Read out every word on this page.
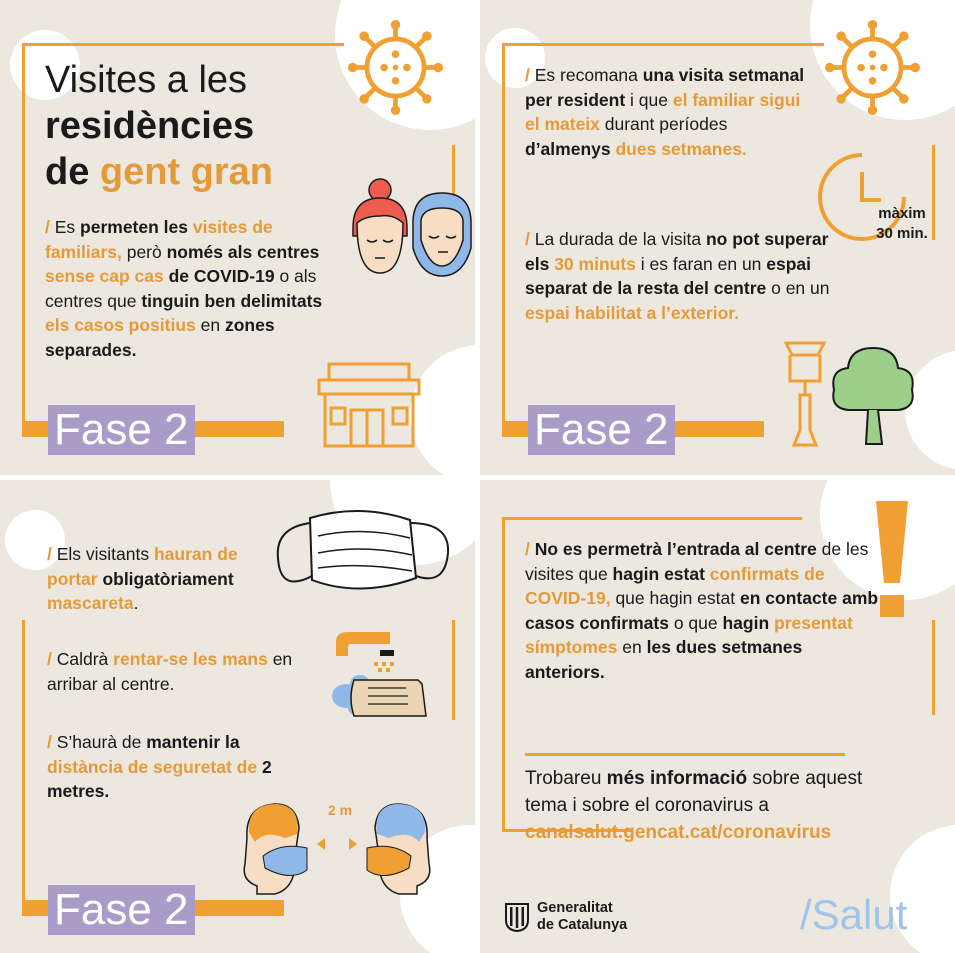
Visites a les
residències
de gent gran
/ Es permeten les visites de familiars, però només als centres sense cap cas de COVID-19 o als centres que tinguin ben delimitats els casos positius en zones separades.
Fase 2
/ Es recomana una visita setmanal per resident i que el familiar sigui el mateix durant períodes d’almenys dues setmanes.
/ La durada de la visita no pot superar els 30 minuts i es faran en un espai separat de la resta del centre o en un espai habilitat a l’exterior.
Fase 2
màxim
30 min.
/ Els visitants hauran de portar obligatòriament mascareta.
/ Caldrà rentar-se les mans en arribar al centre.
/ S’haurà de mantenir la distància de seguretat de 2 metres.
Fase 2
2 m
/ No es permetrà l’entrada al centre de les visites que hagin estat confirmats de COVID-19, que hagin estat en contacte amb casos confirmats o que hagin presentat símptomes en les dues setmanes anteriors.
Trobareu més informació sobre aquest tema i sobre el coronavirus a
canalsalut.gencat.cat/coronavirus
Generalitat
de Catalunya	/Salut
